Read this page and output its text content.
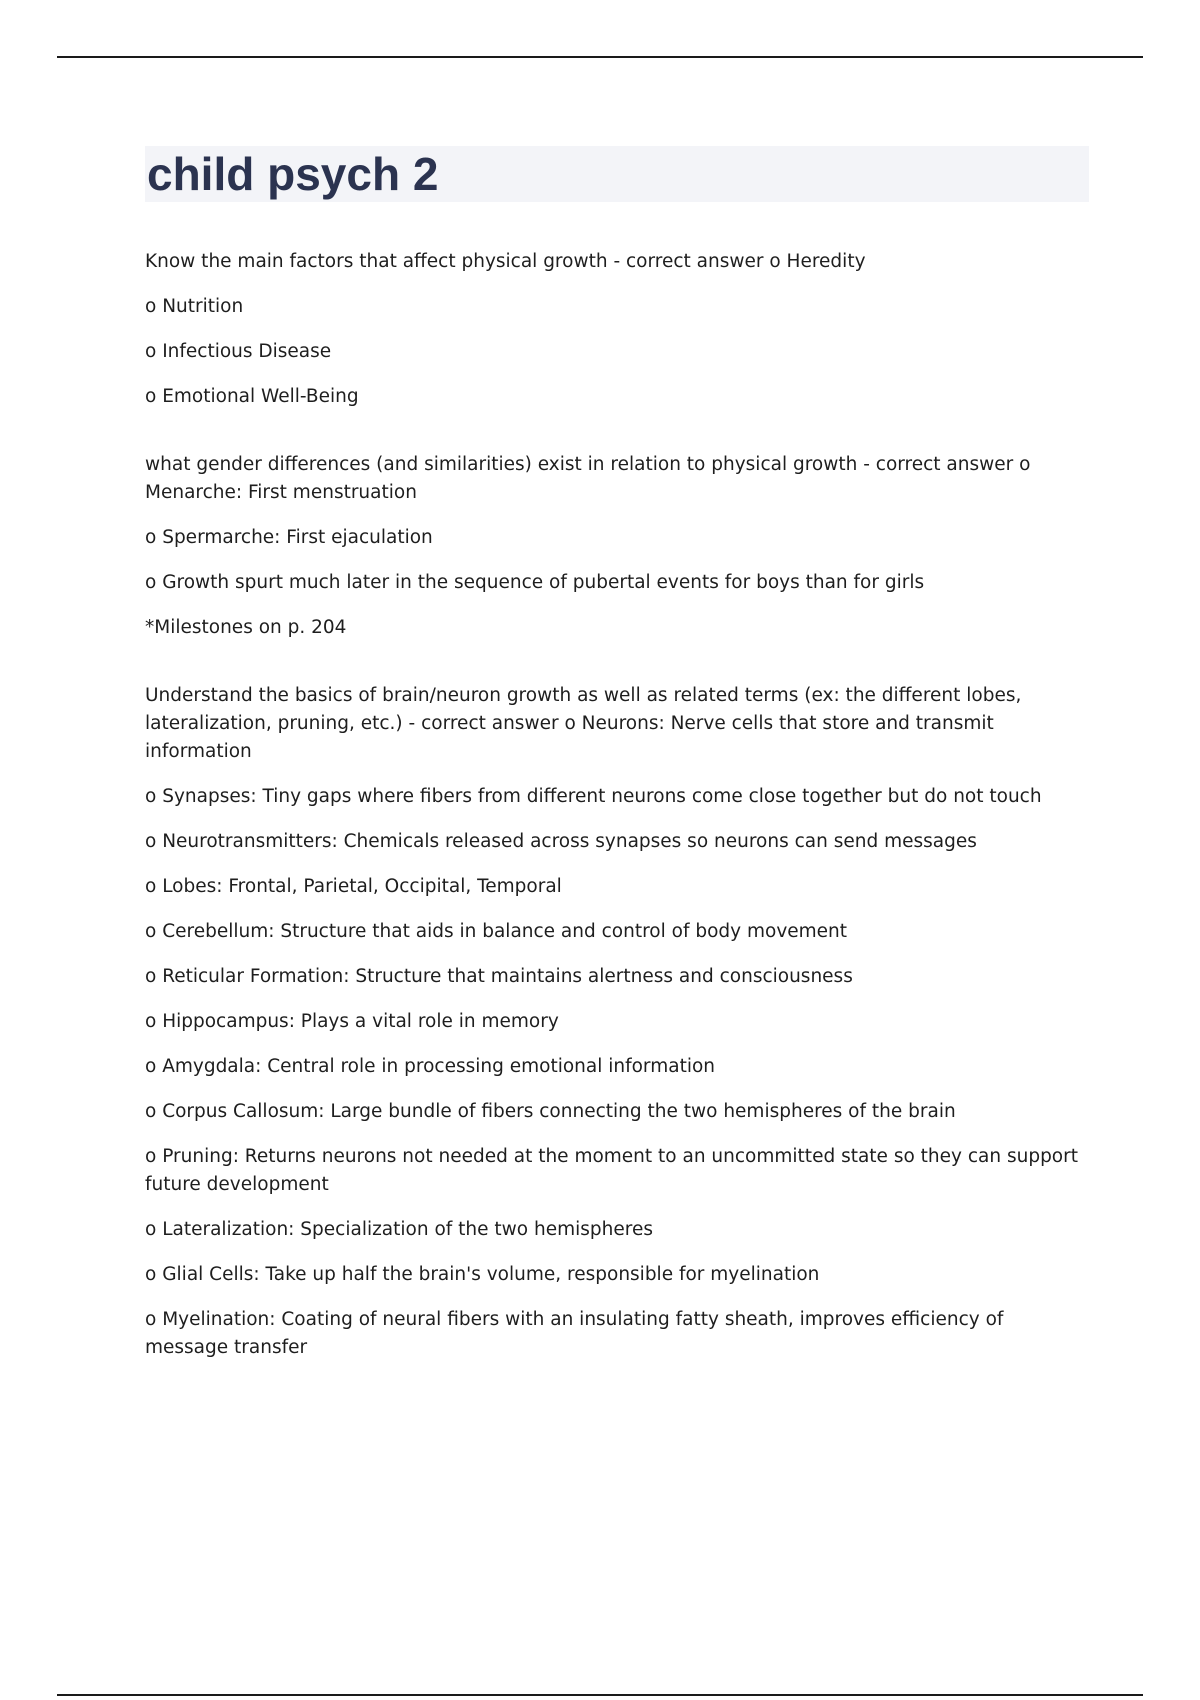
child psych 2

Know the main factors that affect physical growth - correct answer o Heredity

o Nutrition

o Infectious Disease

o Emotional Well-Being

what gender differences (and similarities) exist in relation to physical growth - correct answer o Menarche: First menstruation

o Spermarche: First ejaculation

o Growth spurt much later in the sequence of pubertal events for boys than for girls

*Milestones on p. 204

Understand the basics of brain/neuron growth as well as related terms (ex: the different lobes, lateralization, pruning, etc.) - correct answer o Neurons: Nerve cells that store and transmit information

o Synapses: Tiny gaps where fibers from different neurons come close together but do not touch

o Neurotransmitters: Chemicals released across synapses so neurons can send messages

o Lobes: Frontal, Parietal, Occipital, Temporal

o Cerebellum: Structure that aids in balance and control of body movement

o Reticular Formation: Structure that maintains alertness and consciousness

o Hippocampus: Plays a vital role in memory

o Amygdala: Central role in processing emotional information

o Corpus Callosum: Large bundle of fibers connecting the two hemispheres of the brain

o Pruning: Returns neurons not needed at the moment to an uncommitted state so they can support future development

o Lateralization: Specialization of the two hemispheres

o Glial Cells: Take up half the brain's volume, responsible for myelination

o Myelination: Coating of neural fibers with an insulating fatty sheath, improves efficiency of message transfer
